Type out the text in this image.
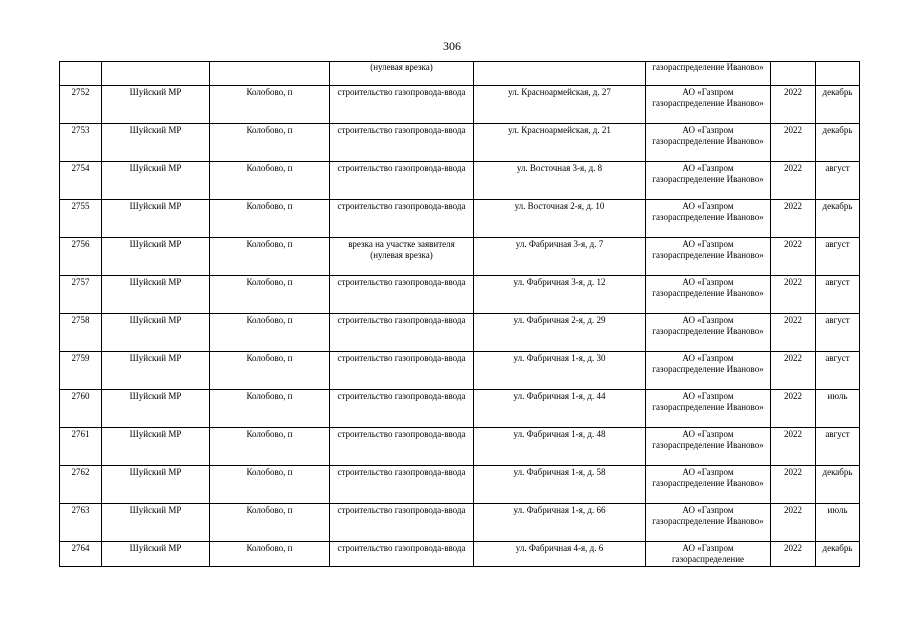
306
			(нулевая врезка)		газораспределение Иваново»		
2752	Шуйский МР	Колобово, п	строительство газопровода-ввода	ул. Красноармейская, д. 27	АО «Газпром газораспределение Иваново»	2022	декабрь
2753	Шуйский МР	Колобово, п	строительство газопровода-ввода	ул. Красноармейская, д. 21	АО «Газпром газораспределение Иваново»	2022	декабрь
2754	Шуйский МР	Колобово, п	строительство газопровода-ввода	ул. Восточная 3-я, д. 8	АО «Газпром газораспределение Иваново»	2022	август
2755	Шуйский МР	Колобово, п	строительство газопровода-ввода	ул. Восточная 2-я, д. 10	АО «Газпром газораспределение Иваново»	2022	декабрь
2756	Шуйский МР	Колобово, п	врезка на участке заявителя (нулевая врезка)	ул. Фабричная 3-я, д. 7	АО «Газпром газораспределение Иваново»	2022	август
2757	Шуйский МР	Колобово, п	строительство газопровода-ввода	ул. Фабричная 3-я, д. 12	АО «Газпром газораспределение Иваново»	2022	август
2758	Шуйский МР	Колобово, п	строительство газопровода-ввода	ул. Фабричная 2-я, д. 29	АО «Газпром газораспределение Иваново»	2022	август
2759	Шуйский МР	Колобово, п	строительство газопровода-ввода	ул. Фабричная 1-я, д. 30	АО «Газпром газораспределение Иваново»	2022	август
2760	Шуйский МР	Колобово, п	строительство газопровода-ввода	ул. Фабричная 1-я, д. 44	АО «Газпром газораспределение Иваново»	2022	июль
2761	Шуйский МР	Колобово, п	строительство газопровода-ввода	ул. Фабричная 1-я, д. 48	АО «Газпром газораспределение Иваново»	2022	август
2762	Шуйский МР	Колобово, п	строительство газопровода-ввода	ул. Фабричная 1-я, д. 58	АО «Газпром газораспределение Иваново»	2022	декабрь
2763	Шуйский МР	Колобово, п	строительство газопровода-ввода	ул. Фабричная 1-я, д. 66	АО «Газпром газораспределение Иваново»	2022	июль
2764	Шуйский МР	Колобово, п	строительство газопровода-ввода	ул. Фабричная 4-я, д. 6	АО «Газпром газораспределение	2022	декабрь
